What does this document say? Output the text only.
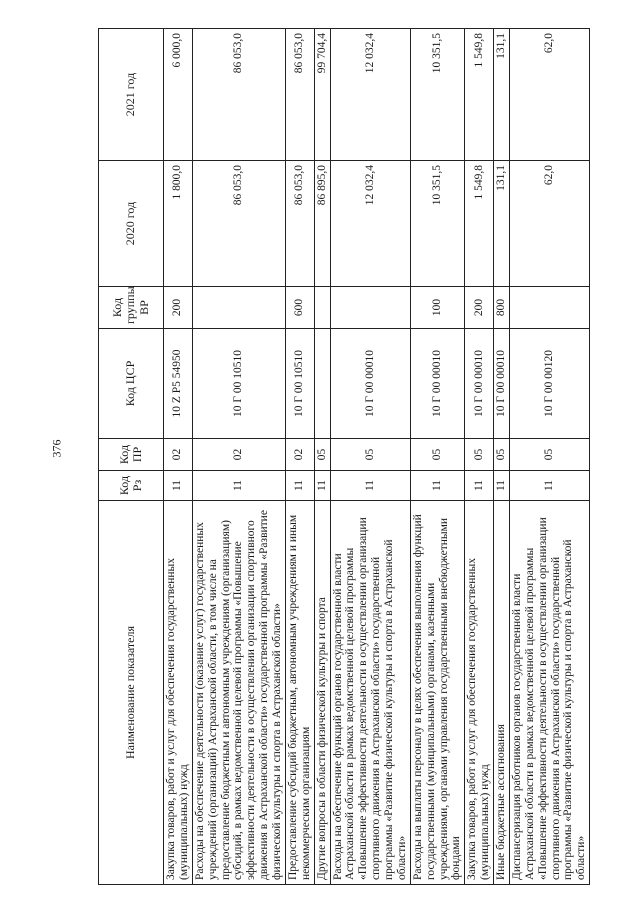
376
Наименование показателя	Код Рз	Код ПР	Код ЦСР	Код группы ВР	2020 год	2021 год
Закупка товаров, работ и услуг для обеспечения государственных (муниципальных) нужд	11	02	10 Z P5 54950	200	1 800,0	6 000,0
Расходы на обеспечение деятельности (оказание услуг) государственных учреждений (организаций) Астраханской области, в том числе на предоставление бюджетным и автономным учреждениям (организациям) субсидий, в рамках ведомственной целевой программы «Повышение эффективности деятельности в осуществлении организации спортивного движения в Астраханской области» государственной программы «Развитие физической культуры и спорта в Астраханской области»	11	02	10 Г 00 10510		86 053,0	86 053,0
Предоставление субсидий бюджетным, автономным учреждениям и иным некоммерческим организациям	11	02	10 Г 00 10510	600	86 053,0	86 053,0
Другие вопросы в области физической культуры и спорта	11	05			86 895,0	99 704,4
Расходы на обеспечение функций органов государственной власти Астраханской области в рамках ведомственной целевой программы «Повышение эффективности деятельности в осуществлении организации спортивного движения в Астраханской области» государственной программы «Развитие физической культуры и спорта в Астраханской области»	11	05	10 Г 00 00010		12 032,4	12 032,4
Расходы на выплаты персоналу в целях обеспечения выполнения функций государственными (муниципальными) органами, казенными учреждениями, органами управления государственными внебюджетными фондами	11	05	10 Г 00 00010	100	10 351,5	10 351,5
Закупка товаров, работ и услуг для обеспечения государственных (муниципальных) нужд	11	05	10 Г 00 00010	200	1 549,8	1 549,8
Иные бюджетные ассигнования	11	05	10 Г 00 00010	800	131,1	131,1
Диспансеризация работников органов государственной власти Астраханской области в рамках ведомственной целевой программы «Повышение эффективности деятельности в осуществлении организации спортивного движения в Астраханской области» государственной программы «Развитие физической культуры и спорта в Астраханской области»	11	05	10 Г 00 00120		62,0	62,0
